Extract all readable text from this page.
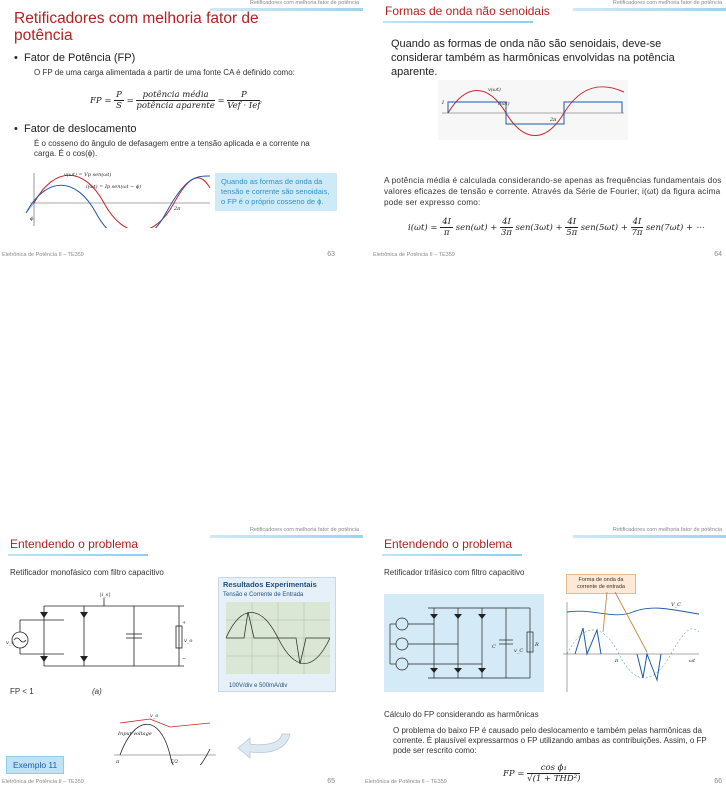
Retificadores com melhoria fator de potência
Retificadores com melhoria fator de potência
• Fator de Potência (FP)
O FP de uma carga alimentada a partir de uma fonte CA é definido como:
FP = $\frac{P}{S} = \frac{\text{potência média}}{\text{potência aparente}} = \frac{P}{\text{Vef · Ief}}$
• Fator de deslocamento
É o cosseno do ângulo de defasagem entre a tensão aplicada e a corrente na carga. É o cos(ϕ).
v(ωt) = Vp sen(ωt)
i(ωt) = Ip sen(ωt − ϕ)
2π
ϕ
Quando as formas de onda da tensão e corrente são senoidais, o FP é o próprio cosseno de ϕ.
Eletrônica de Potência II – TE359	63
Retificadores com melhoria fator de potência
Formas de onda não senoidais
Quando as formas de onda não são senoidais, deve-se considerar também as harmônicas envolvidas na potência aparente.
v(ωt)
i(ωt)
I
2π
A potência média é calculada considerando-se apenas as frequências fundamentais dos valores eficazes de tensão e corrente. Através da Série de Fourier, i(ωt) da figura acima pode ser expresso como:
$i(\omega t) = \frac{4I}{\pi} sen(\omega t) + \frac{4I}{3\pi} sen(3\omega t) + \frac{4I}{5\pi} sen(5\omega t) + \frac{4I}{7\pi} sen(7\omega t)$ + ⋯
Eletrônica de Potência II – TE359	64
Retificadores com melhoria fator de potência
Entendendo o problema
Retificador monofásico com filtro capacitivo
|i_s|
v_s	v_o
+
−
FP < 1	(a)
Resultados Experimentais
Tensão e Corrente de Entrada
100V/div e 500mA/div
Input voltage
v_o
π	T/2
Exemplo 11
Eletrônica de Potência II – TE359	65
Retificadores com melhoria fator de potência
Entendendo o problema
Retificador trifásico com filtro capacitivo
Forma de onda da corrente de entrada
C
v_C
R
V_C
π	ωt
Cálculo do FP considerando as harmônicas
O problema do baixo FP é causado pelo deslocamento e também pelas harmônicas da corrente. É plausível expressarmos o FP utilizando ambas as contribuições. Assim, o FP pode ser rescrito como:
FP = $\frac{\text{cos ϕ₁}}{\text{√(1 + THD²)}}$
Eletrônica de Potência II – TE359	66
